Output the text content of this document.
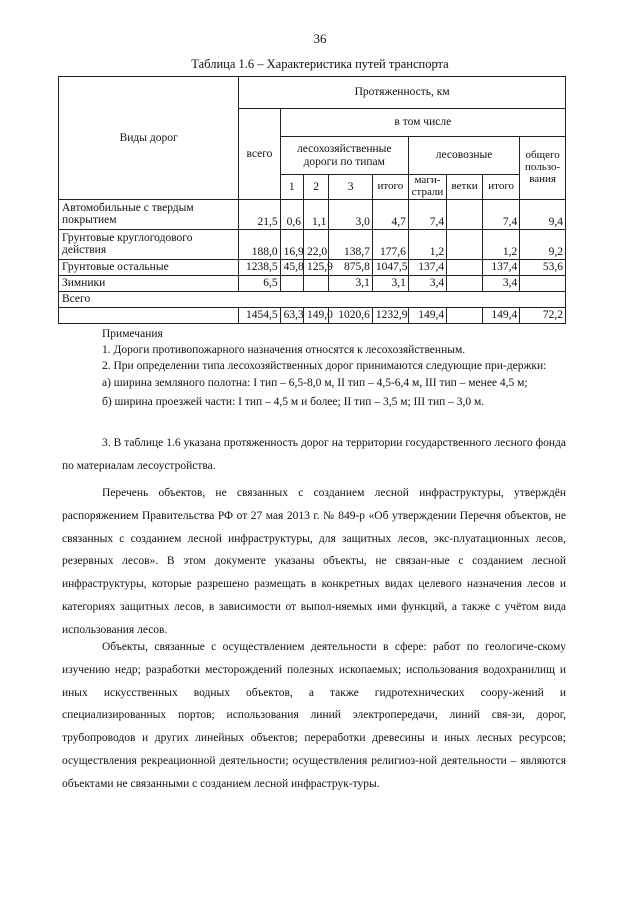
36
Таблица 1.6 – Характеристика путей транспорта
Виды дорог	Протяженность, км								
	всего	в том числе							
		лесохозяйственные дороги по типам				лесовозные			общего пользо-вания
		1	2	3	итого	маги-страли	ветки	итого	
Автомобильные с твердым покрытием	21,5	0,6	1,1	3,0	4,7	7,4		7,4	9,4
Грунтовые круглогодового действия	188,0	16,9	22,0	138,7	177,6	1,2		1,2	9,2
Грунтовые остальные	1238,5	45,8	125,9	875,8	1047,5	137,4		137,4	53,6
Зимники	6,5			3,1	3,1	3,4		3,4	
Всего									
	1454,5	63,3	149,0	1020,6	1232,9	149,4		149,4	72,2

Примечания

1. Дороги противопожарного назначения относятся к лесохозяйственным.

2. При определении типа лесохозяйственных дорог принимаются следующие при-держки:

а) ширина земляного полотна: I тип – 6,5-8,0 м, II тип – 4,5-6,4 м, III тип – менее 4,5 м;

б) ширина проезжей части: I тип – 4,5 м и более; II тип – 3,5 м; III тип – 3,0 м.

3. В таблице 1.6 указана протяженность дорог на территории государственного лесного фонда по материалам лесоустройства.

Перечень объектов, не связанных с созданием лесной инфраструктуры, утверждён распоряжением Правительства РФ от 27 мая 2013 г. № 849-р «Об утверждении Перечня объектов, не связанных с созданием лесной инфраструктуры, для защитных лесов, экс-плуатационных лесов, резервных лесов». В этом документе указаны объекты, не связан-ные с созданием лесной инфраструктуры, которые разрешено размещать в конкретных видах целевого назначения лесов и категориях защитных лесов, в зависимости от выпол-няемых ими функций, а также с учётом вида использования лесов.

Объекты, связанные с осуществлением деятельности в сфере: работ по геологиче-скому изучению недр; разработки месторождений полезных ископаемых; использования водохранилищ и иных искусственных водных объектов, а также гидротехнических соору-жений и специализированных портов; использования линий электропередачи, линий свя-зи, дорог, трубопроводов и других линейных объектов; переработки древесины и иных лесных ресурсов; осуществления рекреационной деятельности; осуществления религиоз-ной деятельности – являются объектами не связанными с созданием лесной инфраструк-туры.
